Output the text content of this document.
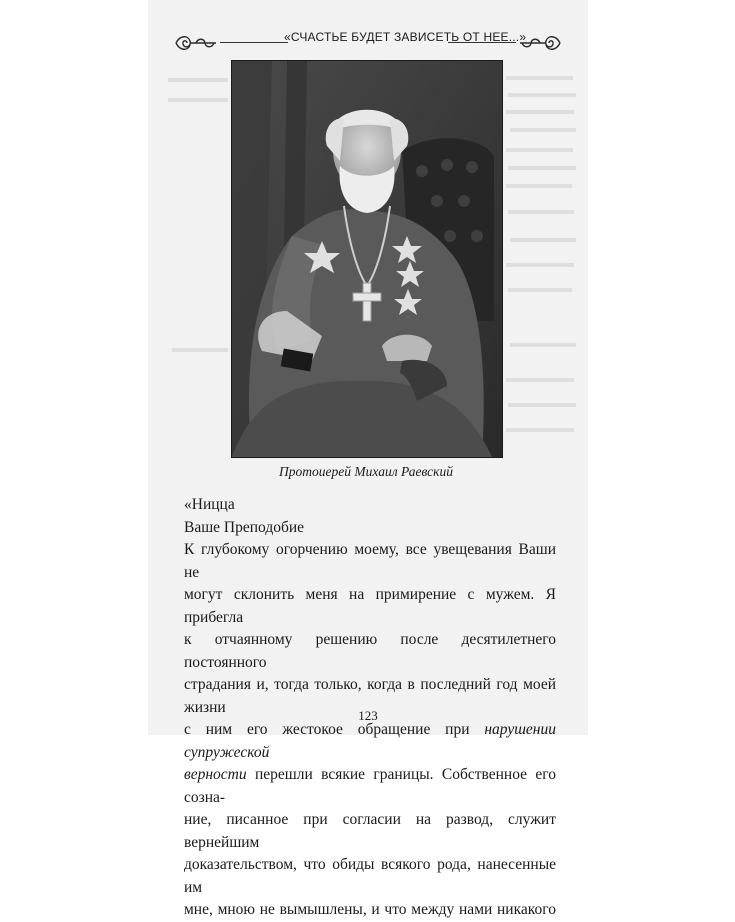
«СЧАСТЬЕ БУДЕТ ЗАВИСЕТЬ ОТ НЕЕ...»
Протоиерей Михаил Раевский
«Ницца
Ваше Преподобие
К глубокому огорчению моему, все увещевания Ваши не
могут склонить меня на примирение с мужем. Я прибегла
к отчаянному решению после десятилетнего постоянного
страдания и, тогда только, когда в последний год моей жизни
с ним его жестокое обращение при нарушении супружеской
верности перешли всякие границы. Собственное его созна-
ние, писанное при согласии на развод, служит вернейшим
доказательством, что обиды всякого рода, нанесенные им
мне, мною не вымышлены, и что между нами никакого
123
